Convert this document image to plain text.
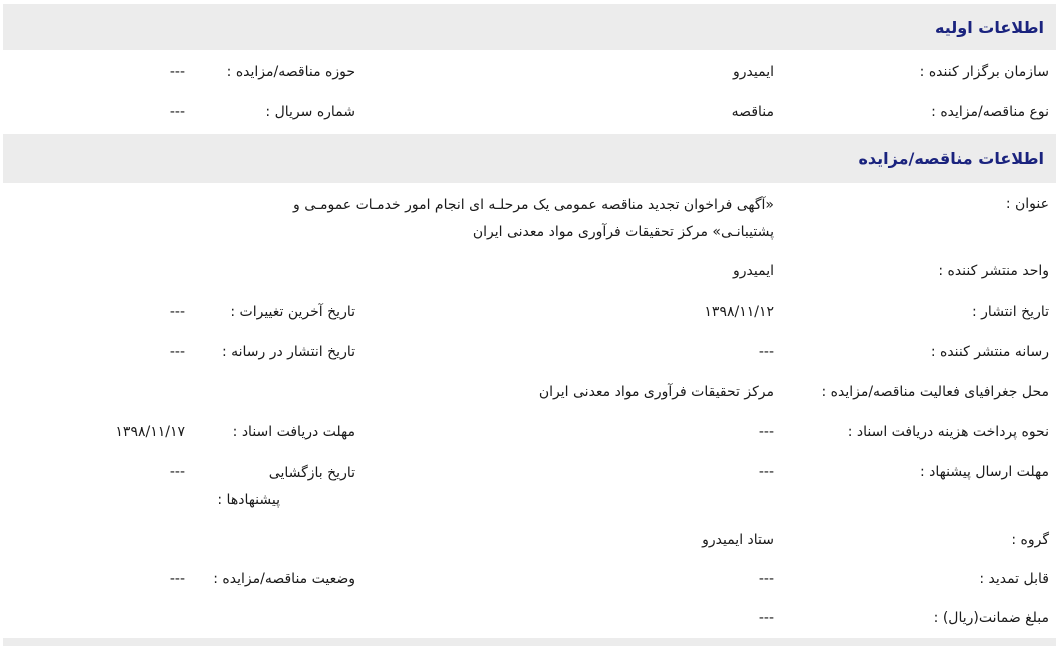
اطلاعات اولیه
سازمان برگزار کننده :
ایمیدرو
حوزه مناقصه/مزایده :
---
نوع مناقصه/مزایده :
مناقصه
شماره سریال :
---
اطلاعات مناقصه/مزایده
عنوان :
«آگهی فراخوان تجدید مناقصه عمومی یک مرحلـه ای انجام امور خدمـات عمومـی و
پشتیبانـی» مرکز تحقیقات فرآوری مواد معدنی ایران
واحد منتشر کننده :
ایمیدرو
تاریخ انتشار :
۱۳۹۸/۱۱/۱۲
تاریخ آخرین تغییرات :
---
رسانه منتشر کننده :
---
تاریخ انتشار در رسانه :
---
محل جغرافیای فعالیت مناقصه/مزایده :
مرکز تحقیقات فرآوری مواد معدنی ایران
نحوه پرداخت هزینه دریافت اسناد :
---
مهلت دریافت اسناد :
۱۳۹۸/۱۱/۱۷
مهلت ارسال پیشنهاد :
---
تاریخ بازگشایی
پیشنهادها :
---
گروه :
ستاد ایمیدرو
قابل تمدید :
---
وضعیت مناقصه/مزایده :
---
مبلغ ضمانت(ریال) :
---
